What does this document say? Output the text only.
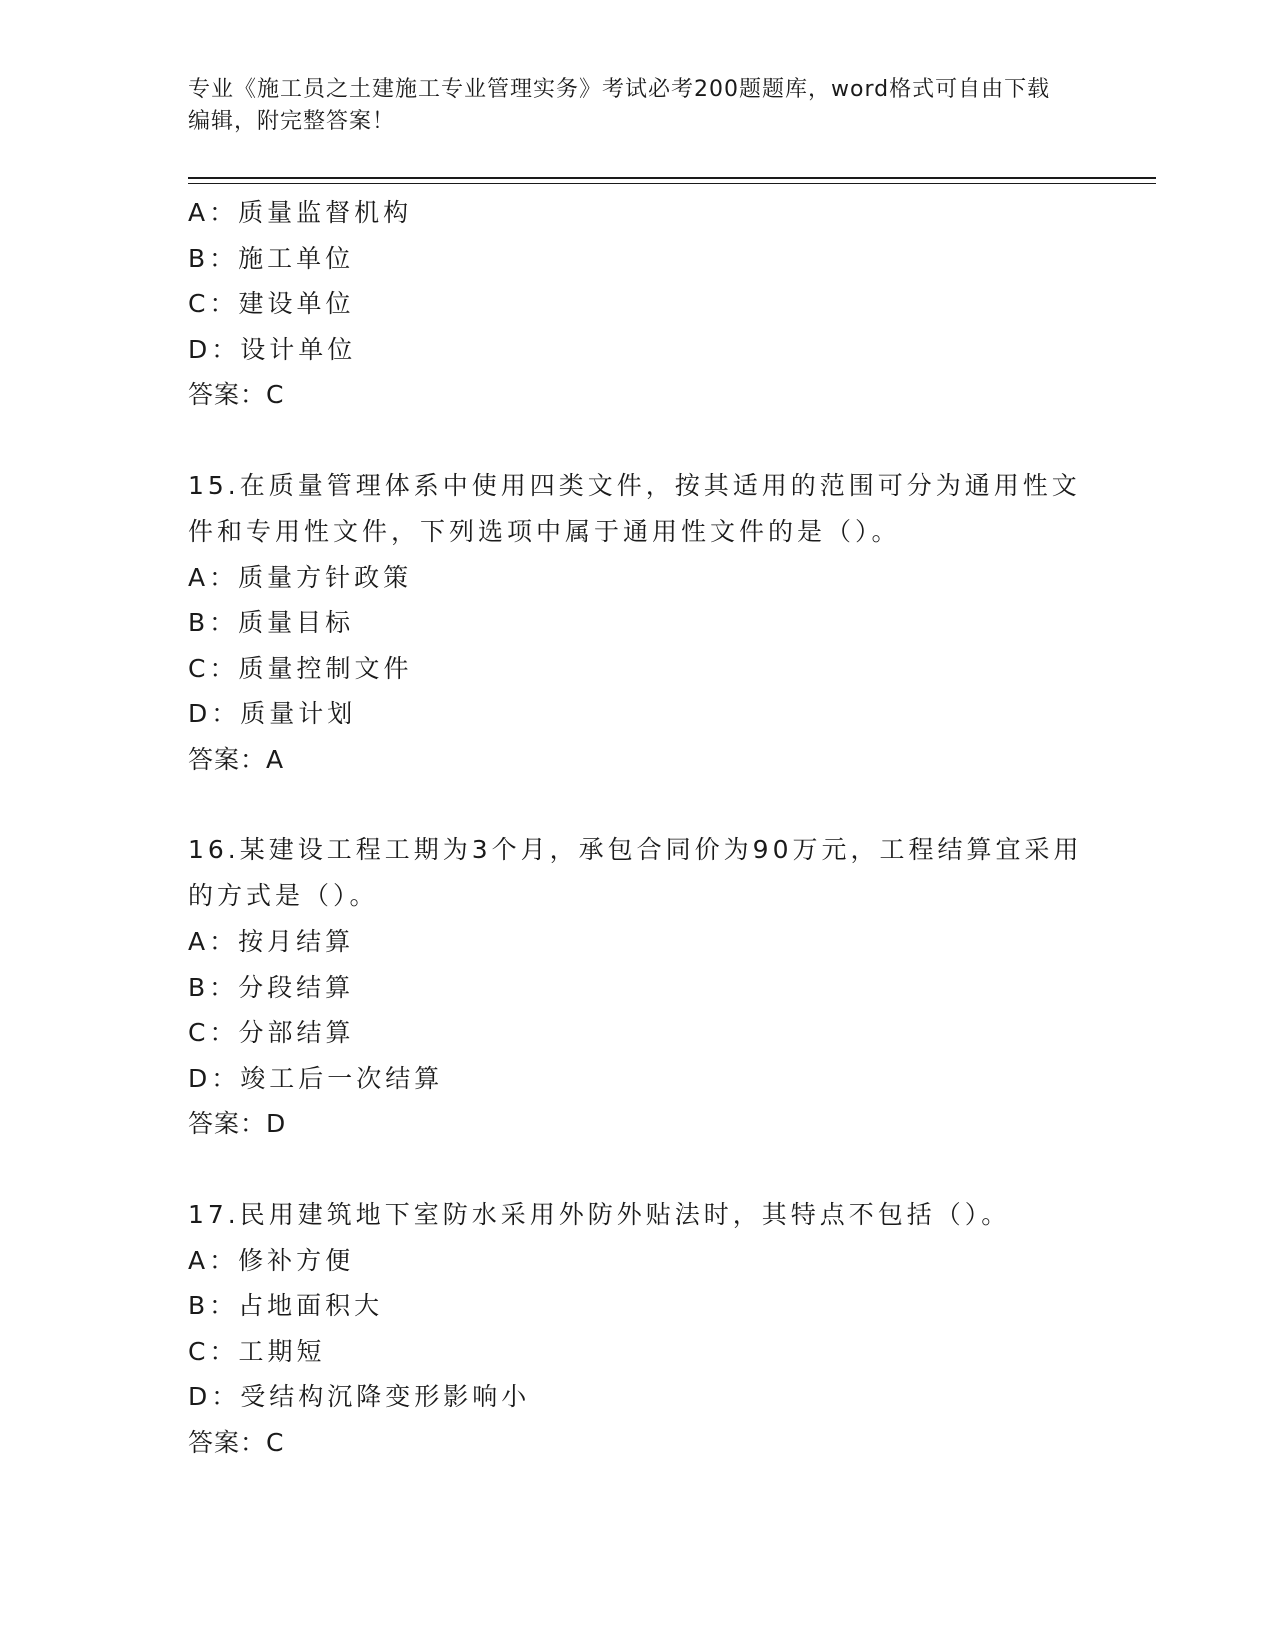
专业《施工员之土建施工专业管理实务》考试必考200题题库，word格式可自由下载编辑，附完整答案！
A：质量监督机构
B：施工单位
C：建设单位
D：设计单位
答案：C
15.在质量管理体系中使用四类文件，按其适用的范围可分为通用性文件和专用性文件，下列选项中属于通用性文件的是（）。
A：质量方针政策
B：质量目标
C：质量控制文件
D：质量计划
答案：A
16.某建设工程工期为3个月，承包合同价为90万元，工程结算宜采用的方式是（）。
A：按月结算
B：分段结算
C：分部结算
D：竣工后一次结算
答案：D
17.民用建筑地下室防水采用外防外贴法时，其特点不包括（）。
A：修补方便
B：占地面积大
C：工期短
D：受结构沉降变形影响小
答案：C
